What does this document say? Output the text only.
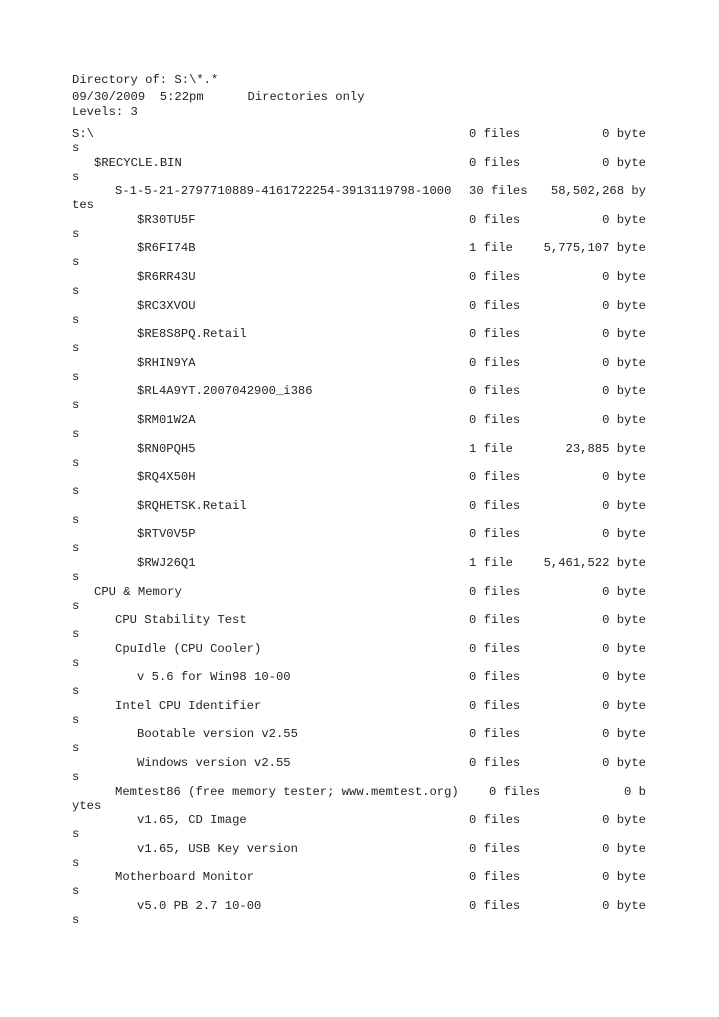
Directory of: S:\*.*

09/30/2009  5:22pm      Directories only

Levels: 3

S:\	0 files	0 byte
s
$RECYCLE.BIN	0 files	0 byte
s
S-1-5-21-2797710889-4161722254-3913119798-1000 30 files 58,502,268 by
tes
$R30TU5F	0 files	0 byte
s
$R6FI74B	1 file	5,775,107 byte
s
$R6RR43U	0 files	0 byte
s
$RC3XVOU	0 files	0 byte
s
$RE8S8PQ.Retail	0 files	0 byte
s
$RHIN9YA	0 files	0 byte
s
$RL4A9YT.2007042900_i386	0 files	0 byte
s
$RM01W2A	0 files	0 byte
s
$RN0PQH5	1 file	23,885 byte
s
$RQ4X50H	0 files	0 byte
s
$RQHETSK.Retail	0 files	0 byte
s
$RTV0V5P	0 files	0 byte
s
$RWJ26Q1	1 file	5,461,522 byte
s
CPU & Memory	0 files	0 byte
s
CPU Stability Test	0 files	0 byte
s
CpuIdle (CPU Cooler)	0 files	0 byte
s
v 5.6 for Win98 10-00	0 files	0 byte
s
Intel CPU Identifier	0 files	0 byte
s
Bootable version v2.55	0 files	0 byte
s
Windows version v2.55	0 files	0 byte
s
Memtest86 (free memory tester; www.memtest.org) 0 files	0 b
ytes
v1.65, CD Image	0 files	0 byte
s
v1.65, USB Key version	0 files	0 byte
s
Motherboard Monitor	0 files	0 byte
s
v5.0 PB 2.7 10-00	0 files	0 byte
s
